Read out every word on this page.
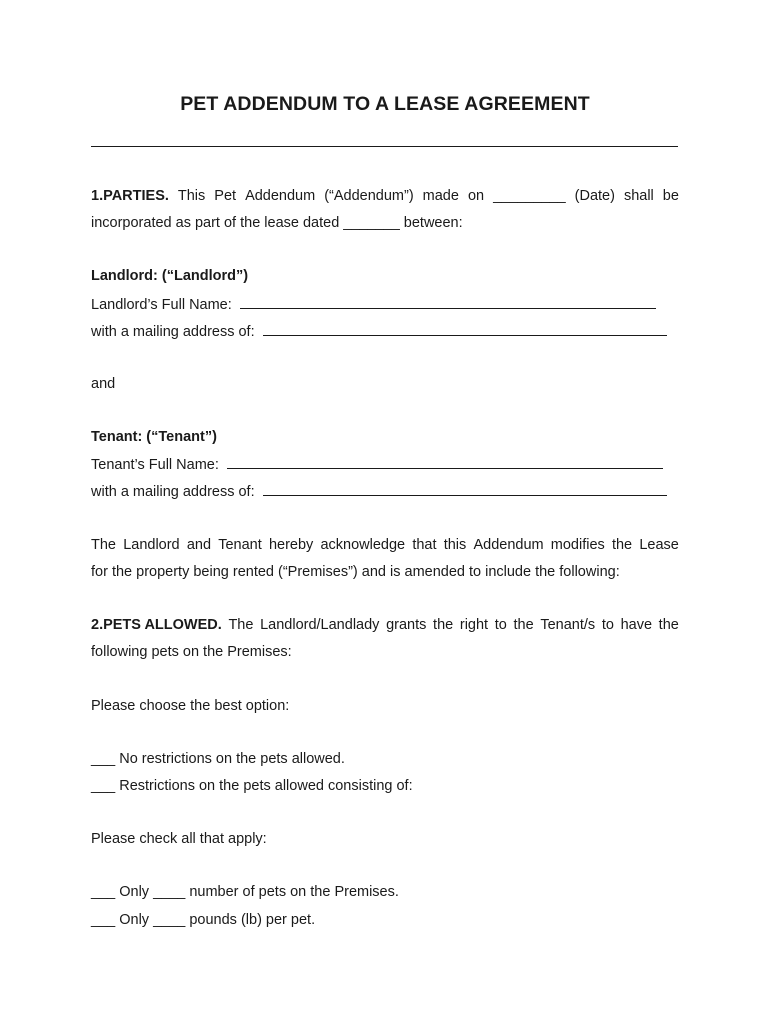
PET ADDENDUM TO A LEASE AGREEMENT
1.PARTIES. This Pet Addendum (“Addendum”) made on _________ (Date) shall be
incorporated as part of the lease dated _______ between:
Landlord: (“Landlord”)
Landlord’s Full Name:
with a mailing address of:
and
Tenant: (“Tenant”)
Tenant’s Full Name:
with a mailing address of:
The Landlord and Tenant hereby acknowledge that this Addendum modifies the Lease
for the property being rented (“Premises”) and is amended to include the following:
2.PETS ALLOWED. The Landlord/Landlady grants the right to the Tenant/s to have the
following pets on the Premises:
Please choose the best option:
___ No restrictions on the pets allowed.
___ Restrictions on the pets allowed consisting of:
Please check all that apply:
___ Only ____ number of pets on the Premises.
___ Only ____ pounds (lb) per pet.
